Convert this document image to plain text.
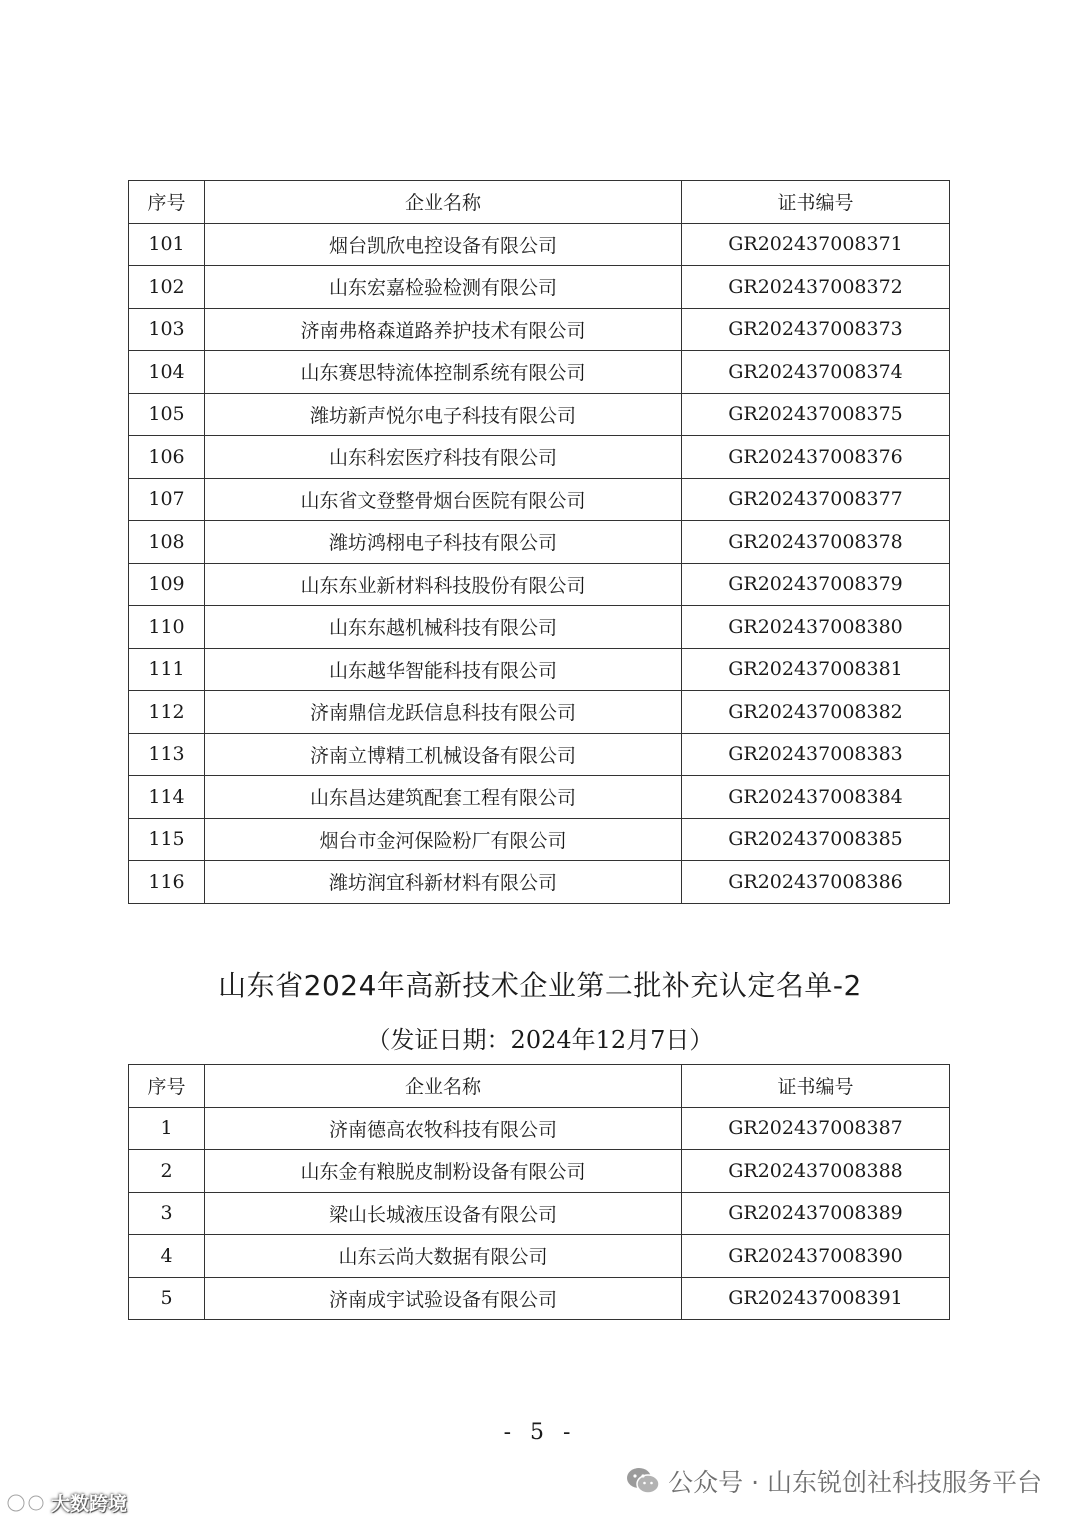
序号	企业名称	证书编号
101	烟台凯欣电控设备有限公司	GR202437008371
102	山东宏嘉检验检测有限公司	GR202437008372
103	济南弗格森道路养护技术有限公司	GR202437008373
104	山东赛思特流体控制系统有限公司	GR202437008374
105	潍坊新声悦尔电子科技有限公司	GR202437008375
106	山东科宏医疗科技有限公司	GR202437008376
107	山东省文登整骨烟台医院有限公司	GR202437008377
108	潍坊鸿栩电子科技有限公司	GR202437008378
109	山东东业新材料科技股份有限公司	GR202437008379
110	山东东越机械科技有限公司	GR202437008380
111	山东越华智能科技有限公司	GR202437008381
112	济南鼎信龙跃信息科技有限公司	GR202437008382
113	济南立博精工机械设备有限公司	GR202437008383
114	山东昌达建筑配套工程有限公司	GR202437008384
115	烟台市金河保险粉厂有限公司	GR202437008385
116	潍坊润宜科新材料有限公司	GR202437008386
山东省2024年高新技术企业第二批补充认定名单-2
（发证日期：2024年12月7日）
序号	企业名称	证书编号
1	济南德高农牧科技有限公司	GR202437008387
2	山东金有粮脱皮制粉设备有限公司	GR202437008388
3	梁山长城液压设备有限公司	GR202437008389
4	山东云尚大数据有限公司	GR202437008390
5	济南成宇试验设备有限公司	GR202437008391
- 5 -
公众号 · 山东锐创社科技服务平台
大数跨境
